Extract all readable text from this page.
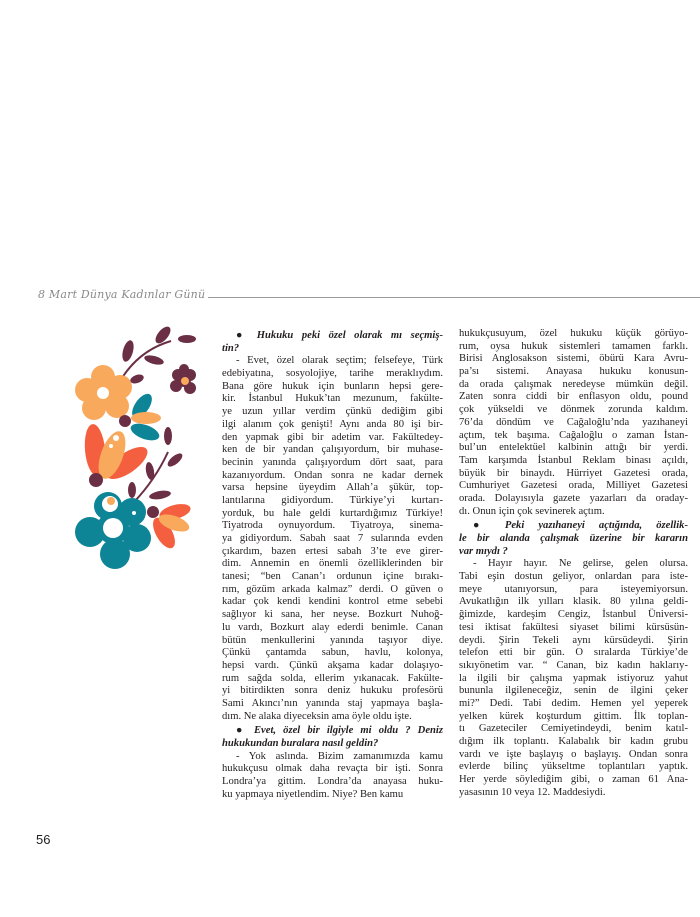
8 Mart Dünya Kadınlar Günü
● Hukuku peki özel olarak mı seçmiş-
tin?
- Evet, özel olarak seçtim; felsefeye, Türk
edebiyatına, sosyolojiye, tarihe meraklıydım.
Bana göre hukuk için bunların hepsi gere-
kir. İstanbul Hukuk’tan mezunum, fakülte-
ye uzun yıllar verdim çünkü dediğim gibi
ilgi alanım çok genişti! Aynı anda 80 işi bir-
den yapmak gibi bir adetim var. Fakültedey-
ken de bir yandan çalışıyordum, bir muhase-
becinin yanında çalışıyordum dört saat, para
kazanıyordum. Ondan sonra ne kadar dernek
varsa hepsine üyeydim Allah’a şükür, top-
lantılarına gidiyordum. Türkiye’yi kurtarı-
yorduk, bu hale geldi kurtardığımız Türkiye!
Tiyatroda oynuyordum. Tiyatroya, sinema-
ya gidiyordum. Sabah saat 7 sularında evden
çıkardım, bazen ertesi sabah 3’te eve girer-
dim. Annemin en önemli özelliklerinden bir
tanesi; “ben Canan’ı ordunun içine bırakı-
rım, gözüm arkada kalmaz” derdi. O güven o
kadar çok kendi kendini kontrol etme sebebi
sağlıyor ki sana, her neyse. Bozkurt Nuhoğ-
lu vardı, Bozkurt alay ederdi benimle. Canan
bütün menkullerini yanında taşıyor diye.
Çünkü çantamda sabun, havlu, kolonya,
hepsi vardı. Çünkü akşama kadar dolaşıyo-
rum sağda solda, ellerim yıkanacak. Fakülte-
yi bitirdikten sonra deniz hukuku profesörü
Sami Akıncı’nın yanında staj yapmaya başla-
dım. Ne alaka diyeceksin ama öyle oldu işte.
● Evet, özel bir ilgiyle mi oldu ? Deniz
hukukundan buralara nasıl geldin?
- Yok aslında. Bizim zamanımızda kamu
hukukçusu olmak daha revaçta bir işti. Sonra
Londra’ya gittim. Londra’da anayasa huku-
ku yapmaya niyetlendim. Niye? Ben kamu
hukukçusuyum, özel hukuku küçük görüyo-
rum, oysa hukuk sistemleri tamamen farklı.
Birisi Anglosakson sistemi, öbürü Kara Avru-
pa’sı sistemi. Anayasa hukuku konusun-
da orada çalışmak neredeyse mümkün değil.
Zaten sonra ciddi bir enflasyon oldu, pound
çok yükseldi ve dönmek zorunda kaldım.
76’da döndüm ve Cağaloğlu’nda yazıhaneyi
açtım, tek başıma. Cağaloğlu o zaman İstan-
bul’un entelektüel kalbinin attığı bir yerdi.
Tam karşımda İstanbul Reklam binası açıldı,
büyük bir binaydı. Hürriyet Gazetesi orada,
Cumhuriyet Gazetesi orada, Milliyet Gazetesi
orada. Dolayısıyla gazete yazarları da oraday-
dı. Onun için çok sevinerek açtım.
● Peki yazıhaneyi açtığında, özellik-
le bir alanda çalışmak üzerine bir kararın
var mıydı ?
- Hayır hayır. Ne gelirse, gelen olursa.
Tabi eşin dostun geliyor, onlardan para iste-
meye utanıyorsun, para isteyemiyorsun.
Avukatlığın ilk yılları klasik. 80 yılına geldi-
ğimizde, kardeşim Cengiz, İstanbul Üniversi-
tesi iktisat fakültesi siyaset bilimi kürsüsün-
deydi. Şirin Tekeli aynı kürsüdeydi. Şirin
telefon etti bir gün. O sıralarda Türkiye’de
sıkıyönetim var. “ Canan, biz kadın haklarıy-
la ilgili bir çalışma yapmak istiyoruz yahut
bununla ilgileneceğiz, senin de ilgini çeker
mi?” Dedi. Tabi dedim. Hemen yel yeperek
yelken kürek koşturdum gittim. İlk toplan-
tı Gazeteciler Cemiyetindeydi, benim katıl-
dığım ilk toplantı. Kalabalık bir kadın grubu
vardı ve işte başlayış o başlayış. Ondan sonra
evlerde bilinç yükseltme toplantıları yaptık.
Her yerde söylediğim gibi, o zaman 61 Ana-
yasasının 10 veya 12. Maddesiydi.
56
